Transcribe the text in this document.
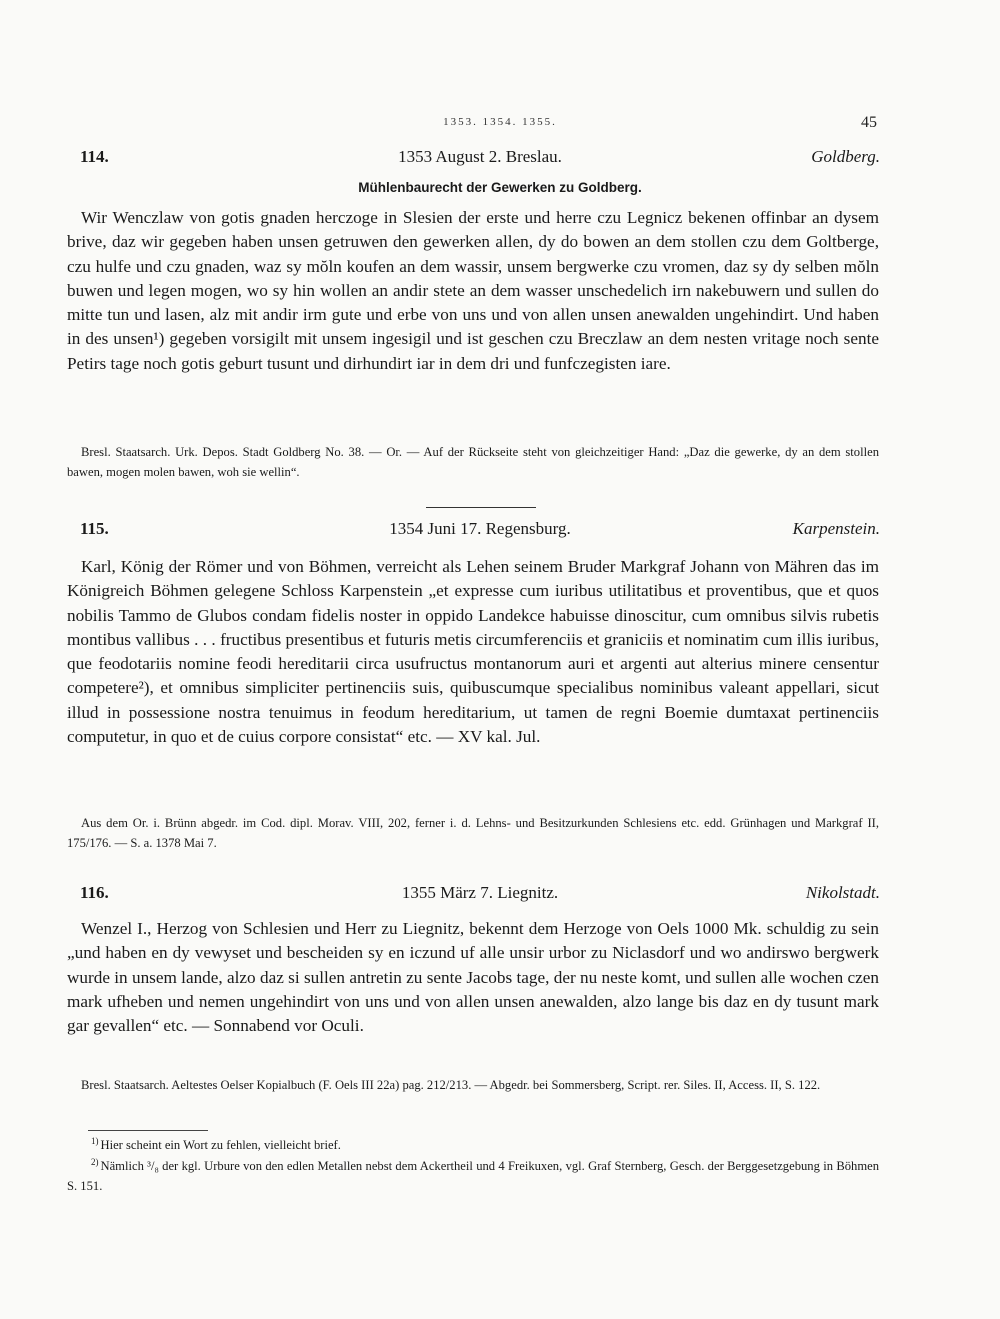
1353. 1354. 1355.	45
114.	1353 August 2. Breslau.	Goldberg.
Mühlenbaurecht der Gewerken zu Goldberg.

Wir Wenczlaw von gotis gnaden herczoge in Slesien der erste und herre czu Legnicz bekenen offinbar an dysem brive, daz wir gegeben haben unsen getruwen den gewerken allen, dy do bowen an dem stollen czu dem Goltberge, czu hulfe und czu gnaden, waz sy mŏln koufen an dem wassir, unsem bergwerke czu vromen, daz sy dy selben mŏln buwen und legen mogen, wo sy hin wollen an andir stete an dem wasser unschedelich irn nakebuwern und sullen do mitte tun und lasen, alz mit andir irm gute und erbe von uns und von allen unsen anewalden ungehindirt. Und haben in des unsen¹) gegeben vorsigilt mit unsem ingesigil und ist geschen czu Breczlaw an dem nesten vritage noch sente Petirs tage noch gotis geburt tusunt und dirhundirt iar in dem dri und funfczegisten iare.

Bresl. Staatsarch. Urk. Depos. Stadt Goldberg No. 38. — Or. — Auf der Rückseite steht von gleichzeitiger Hand: „Daz die gewerke, dy an dem stollen bawen, mogen molen bawen, woh sie wellin“.

115.	1354 Juni 17. Regensburg.	Karpenstein.

Karl, König der Römer und von Böhmen, verreicht als Lehen seinem Bruder Markgraf Johann von Mähren das im Königreich Böhmen gelegene Schloss Karpenstein „et expresse cum iuribus utilitatibus et proventibus, que et quos nobilis Tammo de Glubos condam fidelis noster in oppido Landekce habuisse dinoscitur, cum omnibus silvis rubetis montibus vallibus . . . fructibus presentibus et futuris metis circumferenciis et graniciis et nominatim cum illis iuribus, que feodotariis nomine feodi hereditarii circa usufructus montanorum auri et argenti aut alterius minere censentur competere²), et omnibus simpliciter pertinenciis suis, quibuscumque specialibus nominibus valeant appellari, sicut illud in possessione nostra tenuimus in feodum hereditarium, ut tamen de regni Boemie dumtaxat pertinenciis computetur, in quo et de cuius corpore consistat“ etc. — XV kal. Jul.

Aus dem Or. i. Brünn abgedr. im Cod. dipl. Morav. VIII, 202, ferner i. d. Lehns- und Besitzurkunden Schlesiens etc. edd. Grünhagen und Markgraf II, 175/176. — S. a. 1378 Mai 7.

116.	1355 März 7. Liegnitz.	Nikolstadt.

Wenzel I., Herzog von Schlesien und Herr zu Liegnitz, bekennt dem Herzoge von Oels 1000 Mk. schuldig zu sein „und haben en dy vewyset und bescheiden sy en iczund uf alle unsir urbor zu Niclasdorf und wo andirswo bergwerk wurde in unsem lande, alzo daz si sullen antretin zu sente Jacobs tage, der nu neste komt, und sullen alle wochen czen mark ufheben und nemen ungehindirt von uns und von allen unsen anewalden, alzo lange bis daz en dy tusunt mark gar gevallen“ etc. — Sonnabend vor Oculi.

Bresl. Staatsarch. Aeltestes Oelser Kopialbuch (F. Oels III 22a) pag. 212/213. — Abgedr. bei Sommersberg, Script. rer. Siles. II, Access. II, S. 122.

$^{1)}$ Hier scheint ein Wort zu fehlen, vielleicht brief.

$^{2)}$ Nämlich ³/₈ der kgl. Urbure von den edlen Metallen nebst dem Ackertheil und 4 Freikuxen, vgl. Graf Sternberg, Gesch. der Berggesetzgebung in Böhmen S. 151.
